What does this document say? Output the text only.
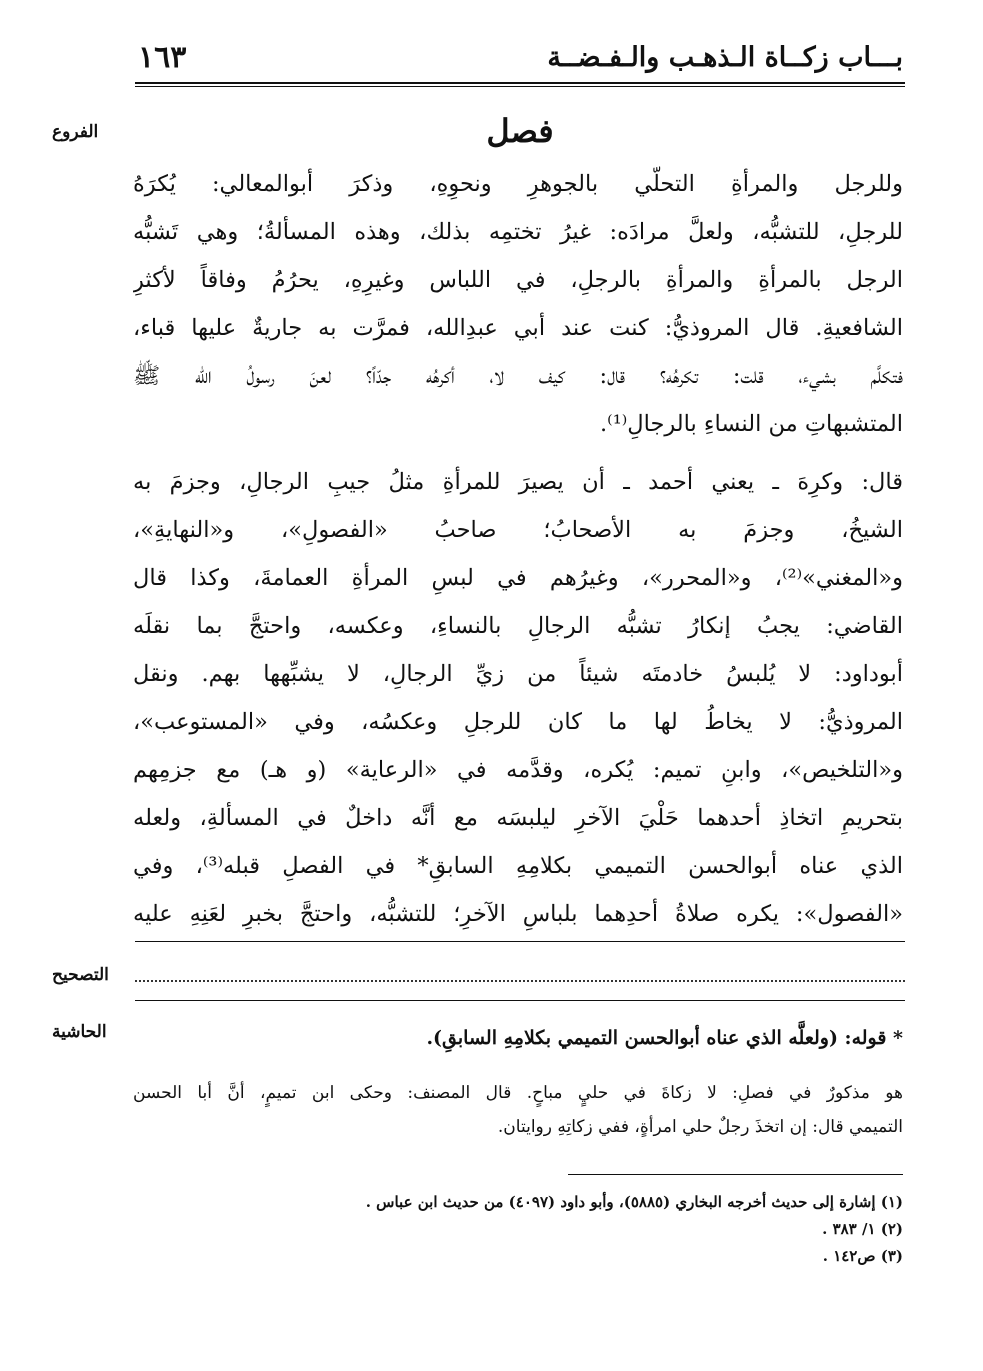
بـــاب زكــاة الـذهـب والـفـضــة
١٦٣
الفروع
التصحيح
الحاشية
فصل

وللرجل والمرأةِ التحلّي بالجوهرِ ونحوِهِ، وذكرَ أبوالمعالي: يُكرَهُ
للرجلِ، للتشبُّه، ولعلَّ مرادَه: غيرُ تختمِه بذلك، وهذه المسألةُ؛ وهي تَشبُّه
الرجل بالمرأةِ والمرأةِ بالرجلِ، في اللباس وغيرِهِ، يحرُمُ وفاقاً لأكثرِ
الشافعيةِ. قال المروذيُّ: كنت عند أبي عبدِالله، فمرَّت به جاريةٌ عليها قباء،
فتكلَّم بشيء، قلت: تكرهُه؟ قال: كيف لا، أكرهُه جدّاً؟ لعنَ رسولُ الله ﷺ
المتشبهاتِ من النساءِ بالرجالِ⁽¹⁾.

قال: وكرِهَ ـ يعني أحمد ـ أن يصيرَ للمرأةِ مثلُ جيبِ الرجالِ، وجزمَ به
الشيخُ، وجزمَ به الأصحابُ؛ صاحبُ «الفصولِ»، و«النهايةِ»،
و«المغني»⁽²⁾، و«المحرر»، وغيرُهم في لبسِ المرأةِ العمامةَ، وكذا قال
القاضي: يجبُ إنكارُ تشبُّه الرجالِ بالنساءِ، وعكسه، واحتجَّ بما نقلَه
أبوداود: لا يُلبسُ خادمتَه شيئاً من زيِّ الرجالِ، لا يشبِّهها بهم. ونقل
المروذيُّ: لا يخاطُ لها ما كان للرجلِ وعكسُه، وفي «المستوعب»،
و«التلخيص»، وابنِ تميم: يُكره، وقدَّمه في «الرعاية» (و هـ) مع جزمِهم
بتحريمِ اتخاذِ أحدهما حَلْيَ الآخرِ ليلبسَه مع أنَّه داخلٌ في المسألةِ، ولعله
الذي عناه أبوالحسن التميمي بكلامِهِ السابقِ* في الفصلِ قبله⁽³⁾، وفي
«الفصول»: يكره صلاةُ أحدِهما بلباسِ الآخرِ؛ للتشبُّه، واحتجَّ بخبرِ لعَنِهِ عليه

* قوله: (ولعلَّه الذي عناه أبوالحسن التميمي بكلامِهِ السابقِ).
هو مذكورٌ في فصلِ: لا زكاةَ في حليٍ مباحٍ. قال المصنف: وحكى ابن تميمٍ، أنَّ أبا الحسن
التميمي قال: إن اتخذَ رجلٌ حلي امرأةٍ، ففي زكاتِهِ روايتان.
(١) إشارة إلى حديث أخرجه البخاري (٥٨٨٥)، وأبو داود (٤٠٩٧) من حديث ابن عباس .
(٢) ١/ ٣٨٣ .
(٣) ص١٤٢ .
